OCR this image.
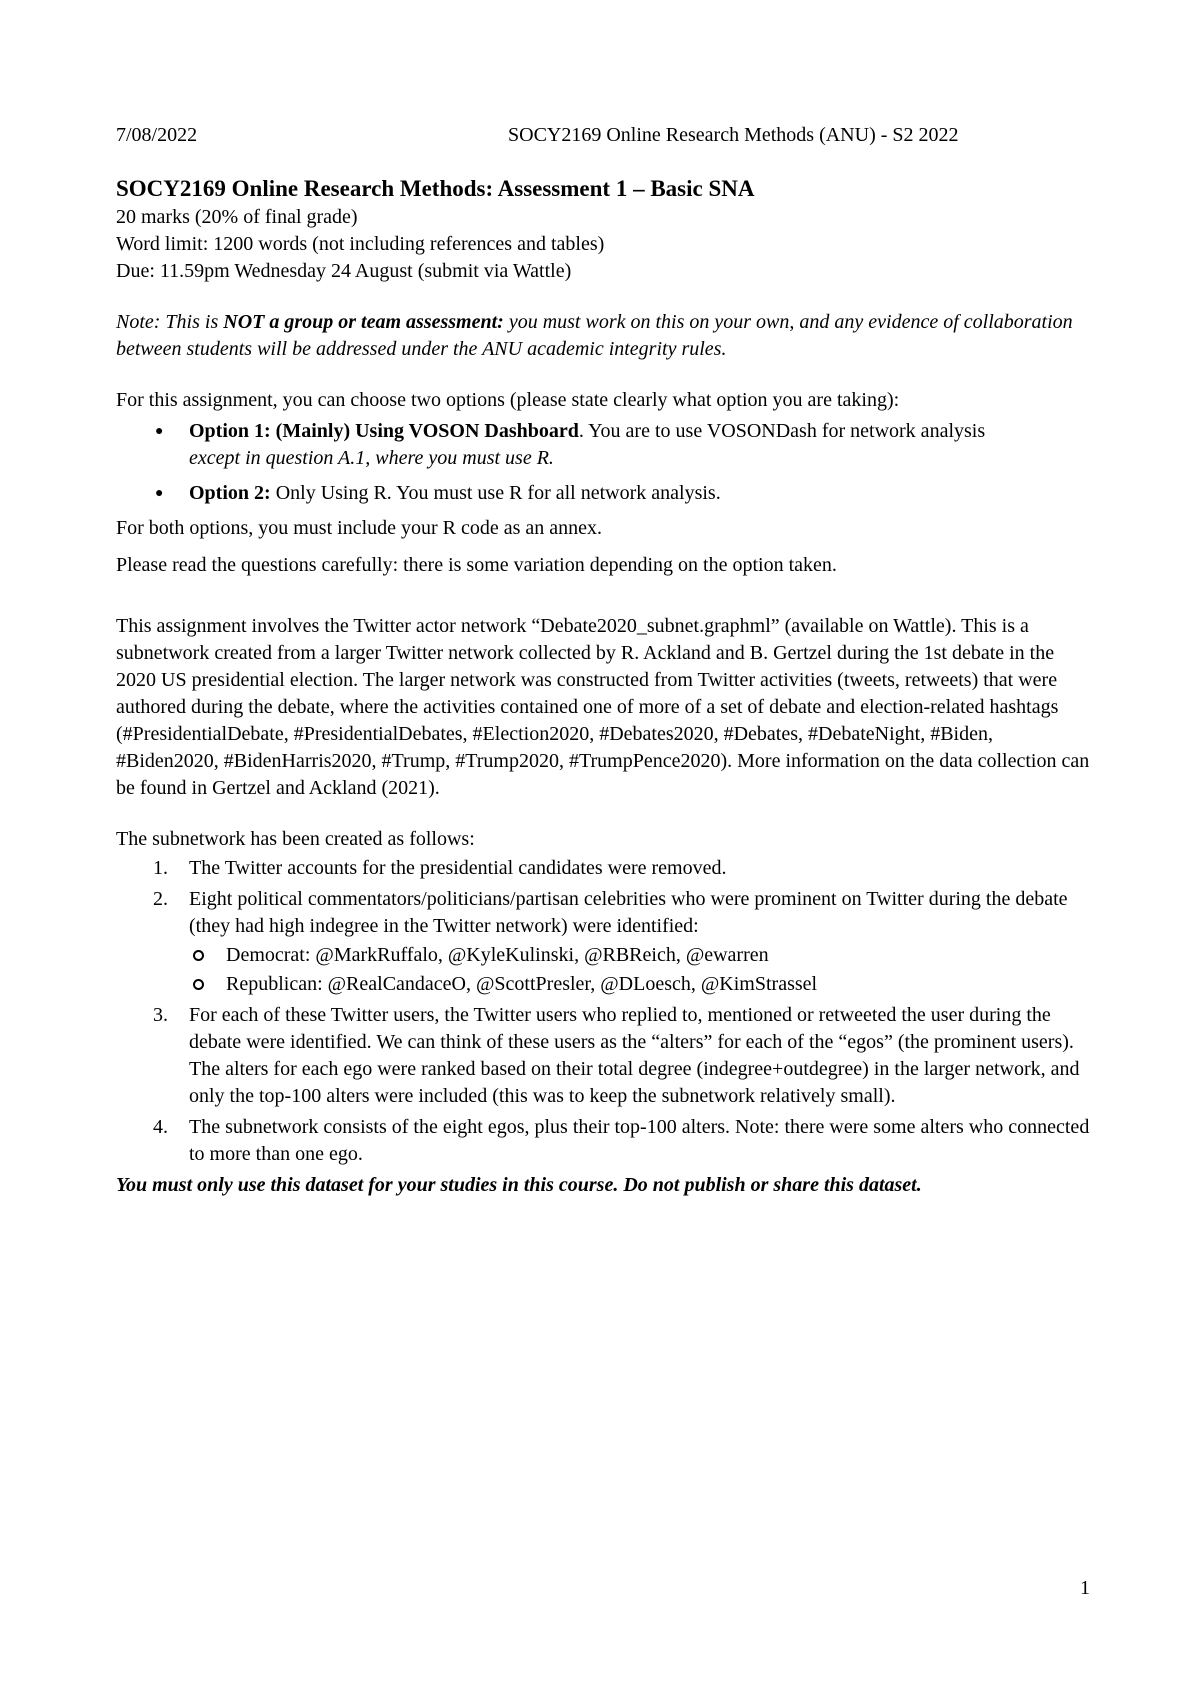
7/08/2022	SOCY2169 Online Research Methods (ANU) - S2 2022
SOCY2169 Online Research Methods: Assessment 1 – Basic SNA

20 marks (20% of final grade)

Word limit: 1200 words (not including references and tables)

Due: 11.59pm Wednesday 24 August (submit via Wattle)

Note: This is NOT a group or team assessment: you must work on this on your own, and any evidence of collaboration between students will be addressed under the ANU academic integrity rules.

For this assignment, you can choose two options (please state clearly what option you are taking):

● Option 1: (Mainly) Using VOSON Dashboard. You are to use VOSONDash for network analysis
except in question A.1, where you must use R.
● Option 2: Only Using R. You must use R for all network analysis.

For both options, you must include your R code as an annex.

Please read the questions carefully: there is some variation depending on the option taken.

This assignment involves the Twitter actor network “Debate2020_subnet.graphml” (available on Wattle). This is a subnetwork created from a larger Twitter network collected by R. Ackland and B. Gertzel during the 1st debate in the 2020 US presidential election. The larger network was constructed from Twitter activities (tweets, retweets) that were authored during the debate, where the activities contained one of more of a set of debate and election-related hashtags (#PresidentialDebate, #PresidentialDebates, #Election2020, #Debates2020, #Debates, #DebateNight, #Biden, #Biden2020, #BidenHarris2020, #Trump, #Trump2020, #TrumpPence2020). More information on the data collection can be found in Gertzel and Ackland (2021).

The subnetwork has been created as follows:

1. The Twitter accounts for the presidential candidates were removed.
2. Eight political commentators/politicians/partisan celebrities who were prominent on Twitter during the debate (they had high indegree in the Twitter network) were identified:
Democrat: @MarkRuffalo, @KyleKulinski, @RBReich, @ewarren
Republican: @RealCandaceO, @ScottPresler, @DLoesch, @KimStrassel
3. For each of these Twitter users, the Twitter users who replied to, mentioned or retweeted the user during the debate were identified. We can think of these users as the “alters” for each of the “egos” (the prominent users). The alters for each ego were ranked based on their total degree (indegree+outdegree) in the larger network, and only the top-100 alters were included (this was to keep the subnetwork relatively small).
4. The subnetwork consists of the eight egos, plus their top-100 alters. Note: there were some alters who connected to more than one ego.

You must only use this dataset for your studies in this course. Do not publish or share this dataset.

1
